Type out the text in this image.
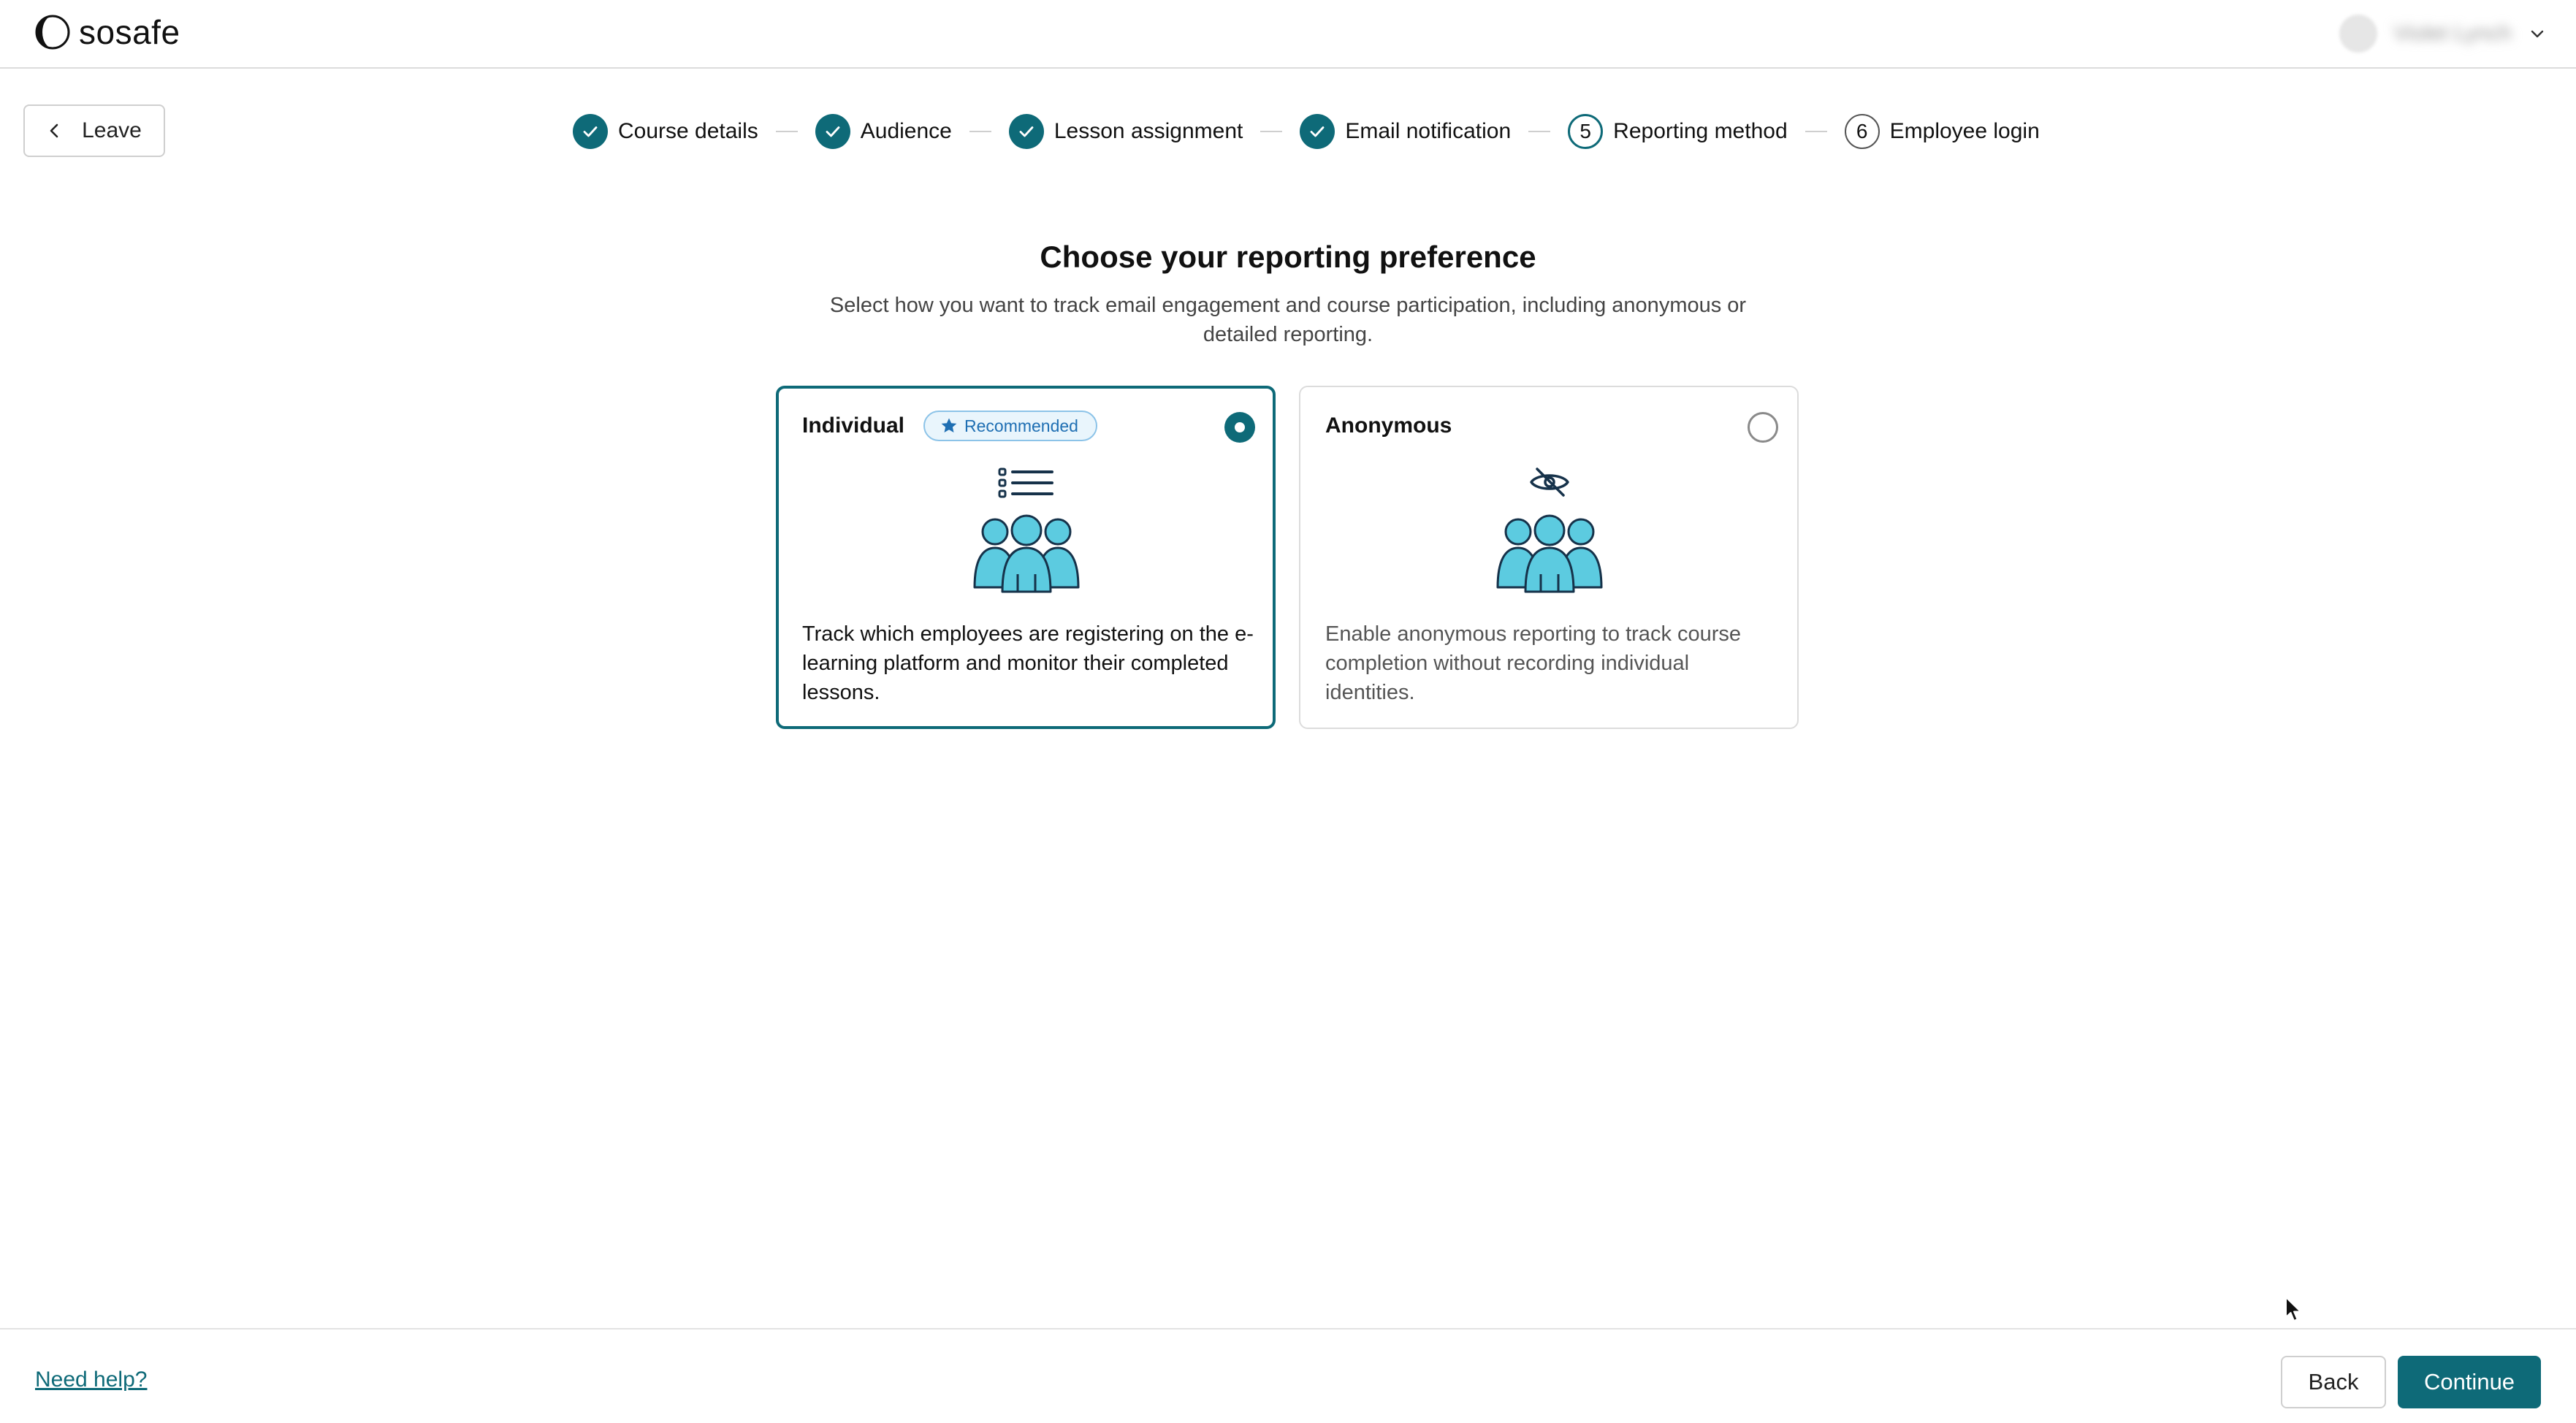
sosafe	Violet Lynch
Leave	Course details	Audience	Lesson assignment	Email notification	5	Reporting method	6	Employee login
Choose your reporting preference

Select how you want to track email engagement and course participation, including anonymous or detailed reporting.

Individual	Recommended

Track which employees are registering on the e-learning platform and monitor their completed lessons.

Anonymous

Enable anonymous reporting to track course completion without recording individual identities.

Need help?	Back	Continue
